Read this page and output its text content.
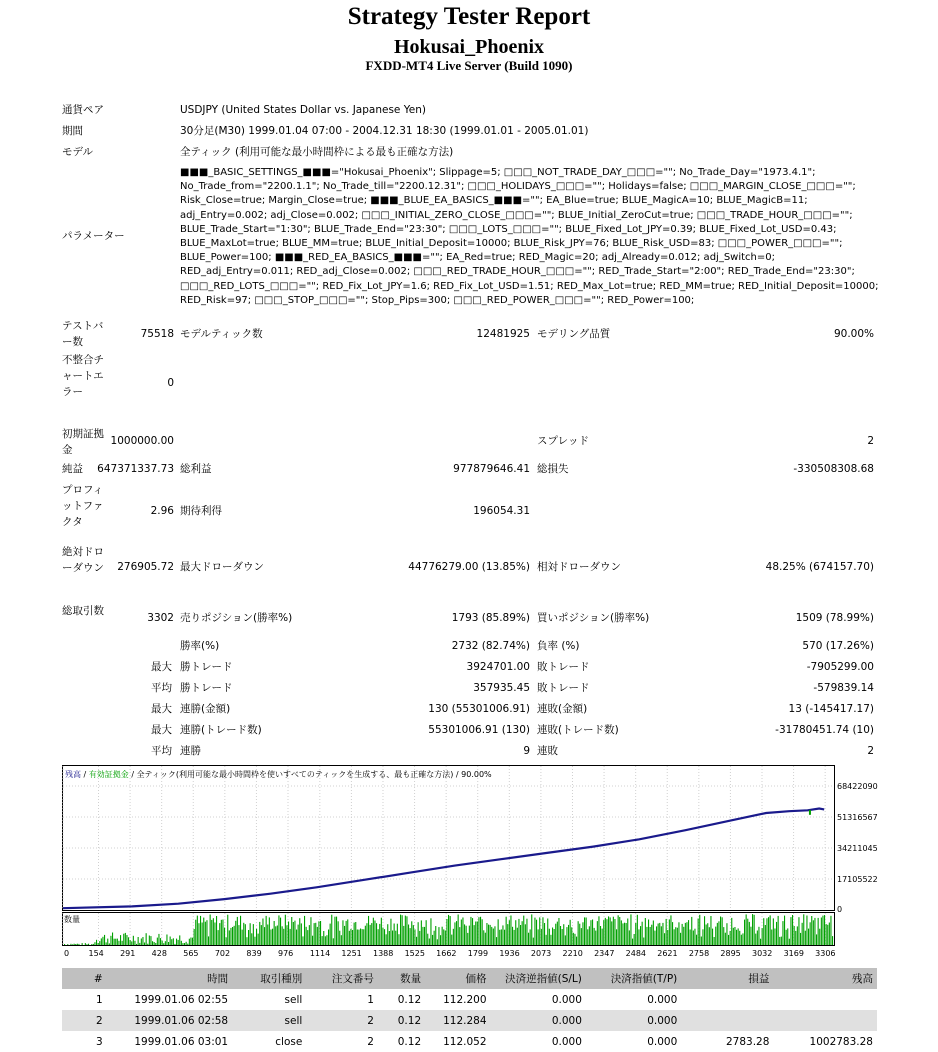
Strategy Tester Report
Hokusai_Phoenix
FXDD-MT4 Live Server (Build 1090)
通貨ペア	USDJPY (United States Dollar vs. Japanese Yen)
期間	30分足(M30) 1999.01.04 07:00 - 2004.12.31 18:30 (1999.01.01 - 2005.01.01)
モデル	全ティック (利用可能な最小時間枠による最も正確な方法)
パラメーター
■■■_BASIC_SETTINGS_■■■="Hokusai_Phoenix"; Slippage=5; □□□_NOT_TRADE_DAY_□□□=""; No_Trade_Day="1973.4.1"; No_Trade_from="2200.1.1"; No_Trade_till="2200.12.31"; □□□_HOLIDAYS_□□□=""; Holidays=false; □□□_MARGIN_CLOSE_□□□=""; Risk_Close=true; Margin_Close=true; ■■■_BLUE_EA_BASICS_■■■=""; EA_Blue=true; BLUE_MagicA=10; BLUE_MagicB=11; adj_Entry=0.002; adj_Close=0.002; □□□_INITIAL_ZERO_CLOSE_□□□=""; BLUE_Initial_ZeroCut=true; □□□_TRADE_HOUR_□□□=""; BLUE_Trade_Start="1:30"; BLUE_Trade_End="23:30"; □□□_LOTS_□□□=""; BLUE_Fixed_Lot_JPY=0.39; BLUE_Fixed_Lot_USD=0.43; BLUE_MaxLot=true; BLUE_MM=true; BLUE_Initial_Deposit=10000; BLUE_Risk_JPY=76; BLUE_Risk_USD=83; □□□_POWER_□□□=""; BLUE_Power=100; ■■■_RED_EA_BASICS_■■■=""; EA_Red=true; RED_Magic=20; adj_Already=0.012; adj_Switch=0; RED_adj_Entry=0.011; RED_adj_Close=0.002; □□□_RED_TRADE_HOUR_□□□=""; RED_Trade_Start="2:00"; RED_Trade_End="23:30"; □□□_RED_LOTS_□□□=""; RED_Fix_Lot_JPY=1.6; RED_Fix_Lot_USD=1.51; RED_Max_Lot=true; RED_MM=true; RED_Initial_Deposit=10000; RED_Risk=97; □□□_STOP_□□□=""; Stop_Pips=300; □□□_RED_POWER_□□□=""; RED_Power=100;
テストバー数
75518 モデルティック数	12481925 モデリング品質	90.00%
不整合チャートエラー
0
初期証拠金
1000000.00	スプレッド	2
純益	647371337.73 総利益	977879646.41 総損失	-330508308.68
プロフィットファクタ
2.96 期待利得	196054.31
絶対ドローダウン	276905.72 最大ドローダウン	44776279.00 (13.85%) 相対ドローダウン	48.25% (674157.70)
総取引数
3302 売りポジション(勝率%)	1793 (85.89%) 買いポジション(勝率%)	1509 (78.99%)
勝率(%)	2732 (82.74%) 負率 (%)	570 (17.26%)
最大 勝トレード	3924701.00 敗トレード	-7905299.00
平均 勝トレード	357935.45 敗トレード	-579839.14
最大 連勝(金額)	130 (55301006.91) 連敗(金額)	13 (-145417.17)
最大 連勝(トレード数)	55301006.91 (130) 連敗(トレード数)	-31780451.74 (10)
平均 連勝	9 連敗	2
残高 / 有効証拠金 / 全ティック(利用可能な最小時間枠を使いすべてのティックを生成する、最も正確な方法) / 90.00%
数量
68422090
51316567
34211045
17105522
0
0 154 291 428 565 702 839 976 1114 1251 1388 1525 1662 1799 1936 2073 2210 2347 2484 2621 2758 2895 3032 3169 3306
#	時間	取引種別	注文番号	数量	価格	決済逆指値(S/L)	決済指値(T/P)	損益	残高
1	1999.01.06 02:55	sell	1	0.12	112.200	0.000	0.000		
2	1999.01.06 02:58	sell	2	0.12	112.284	0.000	0.000		
3	1999.01.06 03:01	close	2	0.12	112.052	0.000	0.000	2783.28	1002783.28
